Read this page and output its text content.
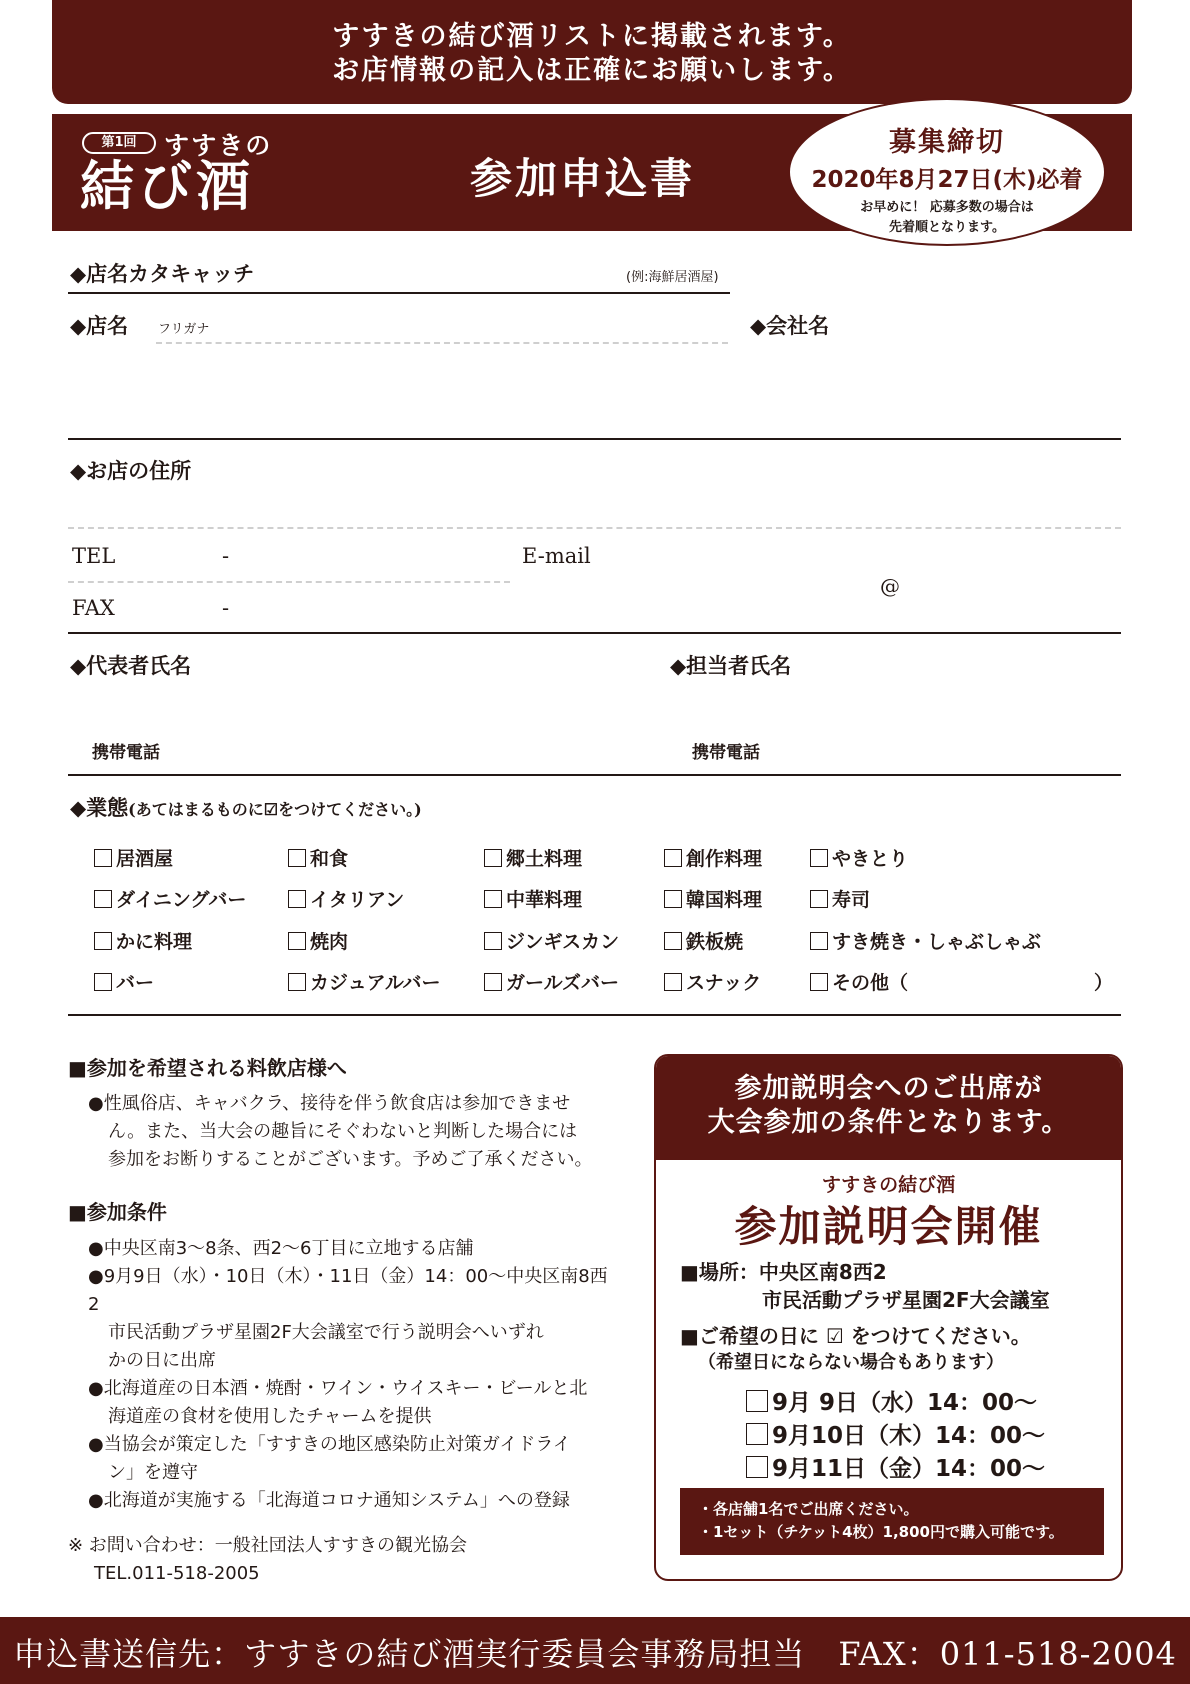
すすきの結び酒リストに掲載されます。
お店情報の記入は正確にお願いします。
第1回	すすきの
結び酒	参加申込書
募集締切
2020年8月27日(木)必着
お早めに！ 応募多数の場合は
先着順となります。
◆店名カタキャッチ	(例:海鮮居酒屋)
◆店名 フリガナ	◆会社名
◆お店の住所
TEL	-	E-mail
@
FAX	-
◆代表者氏名	◆担当者氏名
携帯電話	携帯電話
◆業態(あてはまるものに☑をつけてください。)
）
■参加を希望される料飲店様へ
●性風俗店、キャバクラ、接待を伴う飲食店は参加できませ
ん。また、当大会の趣旨にそぐわないと判断した場合には
参加をお断りすることがございます。予めご了承ください。
■参加条件
●中央区南3〜8条、西2〜6丁目に立地する店舗
●9月9日（水）・10日（木）・11日（金）14：00〜中央区南8西2
市民活動プラザ星園2F大会議室で行う説明会へいずれ
かの日に出席
●北海道産の日本酒・焼酎・ワイン・ウイスキー・ビールと北
海道産の食材を使用したチャームを提供
●当協会が策定した「すすきの地区感染防止対策ガイドライ
ン」を遵守
●北海道が実施する「北海道コロナ通知システム」への登録
※ お問い合わせ：一般社団法人すすきの観光協会
TEL.011-518-2005
参加説明会へのご出席が
大会参加の条件となります。
すすきの結び酒
参加説明会開催
■場所：中央区南8西2
市民活動プラザ星園2F大会議室
■ご希望の日に ☑ をつけてください。
（希望日にならない場合もあります）
9月 9日（水）14：00〜
9月10日（木）14：00〜
9月11日（金）14：00〜
・各店舗1名でご出席ください。
・1セット（チケット4枚）1,800円で購入可能です。
申込書送信先：すすきの結び酒実行委員会事務局担当　FAX：011-518-2004
居酒屋	和食	郷土料理	創作料理	やきとり
ダイニングバー	イタリアン	中華料理	韓国料理	寿司
かに料理	焼肉	ジンギスカン	鉄板焼	すき焼き・しゃぶしゃぶ
バー	カジュアルバー	ガールズバー	スナック	その他（
